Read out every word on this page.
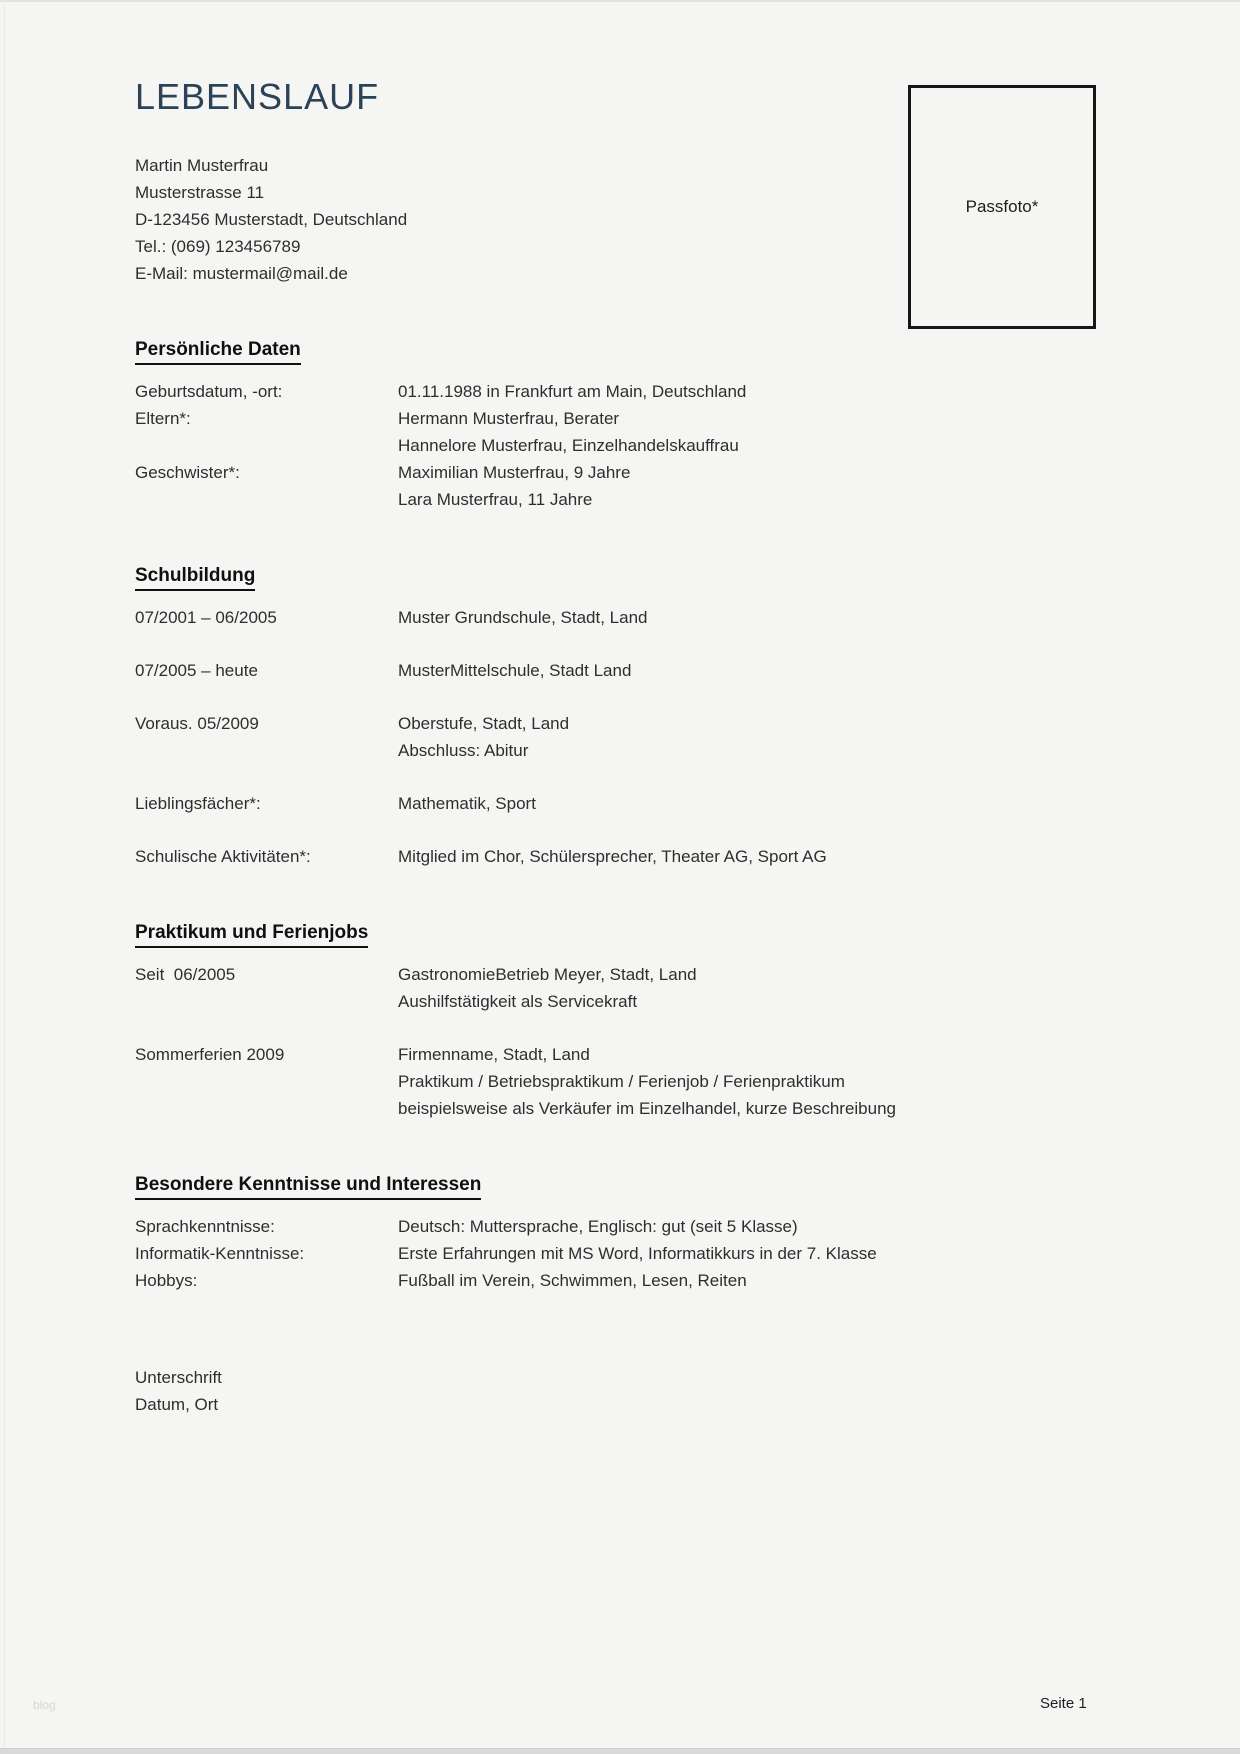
Passfoto*
LEBENSLAUF
Martin Musterfrau
Musterstrasse 11
D-123456 Musterstadt, Deutschland
Tel.: (069) 123456789
E-Mail: mustermail@mail.de
Persönliche Daten
Geburtsdatum, -ort:	01.11.1988 in Frankfurt am Main, Deutschland
Eltern*:	Hermann Musterfrau, Berater
Hannelore Musterfrau, Einzelhandelskauffrau
Geschwister*:	Maximilian Musterfrau, 9 Jahre
Lara Musterfrau, 11 Jahre
Schulbildung
07/2001 – 06/2005	Muster Grundschule, Stadt, Land
07/2005 – heute	MusterMittelschule, Stadt Land
Voraus. 05/2009	Oberstufe, Stadt, Land
Abschluss: Abitur
Lieblingsfächer*:	Mathematik, Sport
Schulische Aktivitäten*:	Mitglied im Chor, Schülersprecher, Theater AG, Sport AG
Praktikum und Ferienjobs
Seit  06/2005	GastronomieBetrieb Meyer, Stadt, Land
Aushilfstätigkeit als Servicekraft
Sommerferien 2009	Firmenname, Stadt, Land
Praktikum / Betriebspraktikum / Ferienjob / Ferienpraktikum
beispielsweise als Verkäufer im Einzelhandel, kurze Beschreibung
Besondere Kenntnisse und Interessen
Sprachkenntnisse:	Deutsch: Muttersprache, Englisch: gut (seit 5 Klasse)
Informatik-Kenntnisse:	Erste Erfahrungen mit MS Word, Informatikkurs in der 7. Klasse
Hobbys:	Fußball im Verein, Schwimmen, Lesen, Reiten
Unterschrift
Datum, Ort
blog	Seite 1
